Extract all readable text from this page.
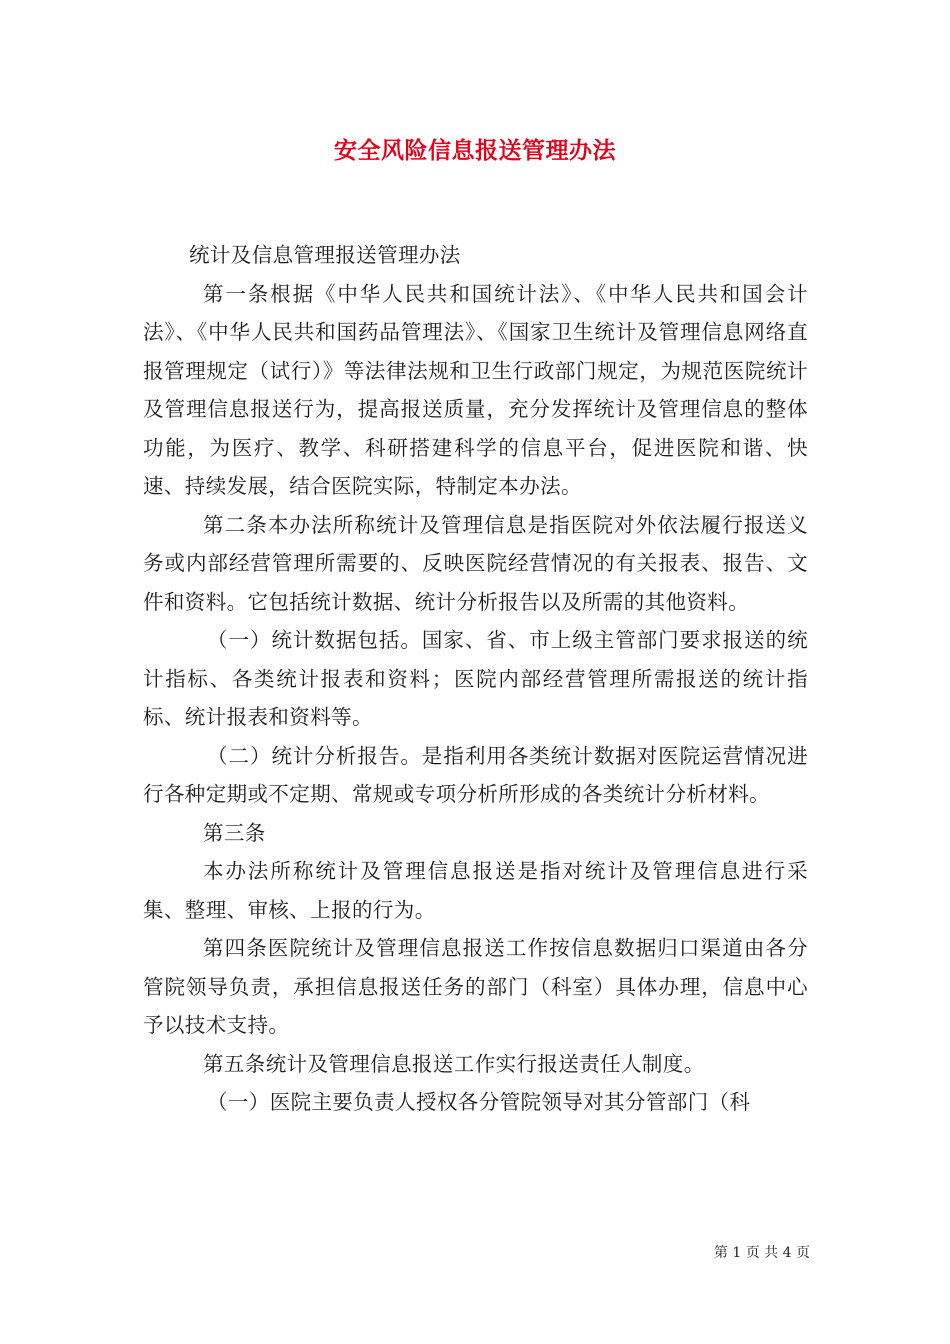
安全风险信息报送管理办法

统计及信息管理报送管理办法

第一条根据《中华人民共和国统计法》、《中华人民共和国会计法》、《中华人民共和国药品管理法》、《国家卫生统计及管理信息网络直报管理规定（试行）》等法律法规和卫生行政部门规定，为规范医院统计及管理信息报送行为，提高报送质量，充分发挥统计及管理信息的整体功能，为医疗、教学、科研搭建科学的信息平台，促进医院和谐、快速、持续发展，结合医院实际，特制定本办法。

第二条本办法所称统计及管理信息是指医院对外依法履行报送义务或内部经营管理所需要的、反映医院经营情况的有关报表、报告、文件和资料。它包括统计数据、统计分析报告以及所需的其他资料。

（一）统计数据包括。国家、省、市上级主管部门要求报送的统计指标、各类统计报表和资料；医院内部经营管理所需报送的统计指标、统计报表和资料等。

（二）统计分析报告。是指利用各类统计数据对医院运营情况进行各种定期或不定期、常规或专项分析所形成的各类统计分析材料。

第三条

本办法所称统计及管理信息报送是指对统计及管理信息进行采集、整理、审核、上报的行为。

第四条医院统计及管理信息报送工作按信息数据归口渠道由各分管院领导负责，承担信息报送任务的部门（科室）具体办理，信息中心予以技术支持。

第五条统计及管理信息报送工作实行报送责任人制度。

（一）医院主要负责人授权各分管院领导对其分管部门（科

第 1 页 共 4 页
